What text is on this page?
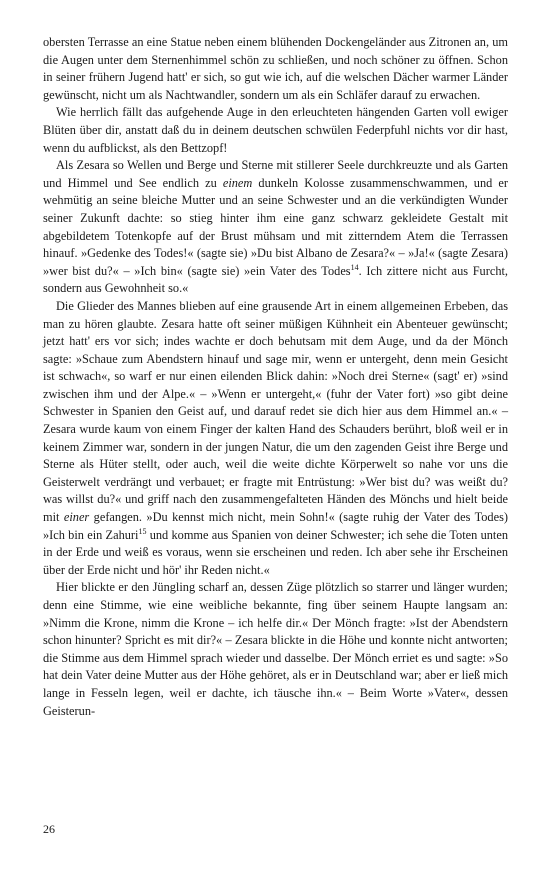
obersten Terrasse an eine Statue neben einem blühenden Dockengeländer aus Zitronen an, um die Augen unter dem Sternenhimmel schön zu schließen, und noch schöner zu öffnen. Schon in seiner frühern Jugend hatt' er sich, so gut wie ich, auf die welschen Dächer warmer Länder gewünscht, nicht um als Nachtwandler, sondern um als ein Schläfer darauf zu erwachen.

Wie herrlich fällt das aufgehende Auge in den erleuchteten hängenden Garten voll ewiger Blüten über dir, anstatt daß du in deinem deutschen schwülen Federpfuhl nichts vor dir hast, wenn du aufblickst, als den Bettzopf!

Als Zesara so Wellen und Berge und Sterne mit stillerer Seele durchkreuzte und als Garten und Himmel und See endlich zu einem dunkeln Kolosse zusammenschwammen, und er wehmütig an seine bleiche Mutter und an seine Schwester und an die verkündigten Wunder seiner Zukunft dachte: so stieg hinter ihm eine ganz schwarz gekleidete Gestalt mit abgebildetem Totenkopfe auf der Brust mühsam und mit zitterndem Atem die Terrassen hinauf. »Gedenke des Todes!« (sagte sie) »Du bist Albano de Zesara?« – »Ja!« (sagte Zesara) »wer bist du?« – »Ich bin« (sagte sie) »ein Vater des Todes$^{14}$. Ich zittere nicht aus Furcht, sondern aus Gewohnheit so.«

Die Glieder des Mannes blieben auf eine grausende Art in einem allgemeinen Erbeben, das man zu hören glaubte. Zesara hatte oft seiner müßigen Kühnheit ein Abenteuer gewünscht; jetzt hatt' ers vor sich; indes wachte er doch behutsam mit dem Auge, und da der Mönch sagte: »Schaue zum Abendstern hinauf und sage mir, wenn er untergeht, denn mein Gesicht ist schwach«, so warf er nur einen eilenden Blick dahin: »Noch drei Sterne« (sagt' er) »sind zwischen ihm und der Alpe.« – »Wenn er untergeht,« (fuhr der Vater fort) »so gibt deine Schwester in Spanien den Geist auf, und darauf redet sie dich hier aus dem Himmel an.« – Zesara wurde kaum von einem Finger der kalten Hand des Schauders berührt, bloß weil er in keinem Zimmer war, sondern in der jungen Natur, die um den zagenden Geist ihre Berge und Sterne als Hüter stellt, oder auch, weil die weite dichte Körperwelt so nahe vor uns die Geisterwelt verdrängt und verbauet; er fragte mit Entrüstung: »Wer bist du? was weißt du? was willst du?« und griff nach den zusammengefalteten Händen des Mönchs und hielt beide mit einer gefangen. »Du kennst mich nicht, mein Sohn!« (sagte ruhig der Vater des Todes) »Ich bin ein Zahuri$^{15}$ und komme aus Spanien von deiner Schwester; ich sehe die Toten unten in der Erde und weiß es voraus, wenn sie erscheinen und reden. Ich aber sehe ihr Erscheinen über der Erde nicht und hör' ihr Reden nicht.«

Hier blickte er den Jüngling scharf an, dessen Züge plötzlich so starrer und länger wurden; denn eine Stimme, wie eine weibliche bekannte, fing über seinem Haupte langsam an: »Nimm die Krone, nimm die Krone – ich helfe dir.« Der Mönch fragte: »Ist der Abendstern schon hinunter? Spricht es mit dir?« – Zesara blickte in die Höhe und konnte nicht antworten; die Stimme aus dem Himmel sprach wieder und dasselbe. Der Mönch erriet es und sagte: »So hat dein Vater deine Mutter aus der Höhe gehöret, als er in Deutschland war; aber er ließ mich lange in Fesseln legen, weil er dachte, ich täusche ihn.« – Beim Worte »Vater«, dessen Geisterun-

26
